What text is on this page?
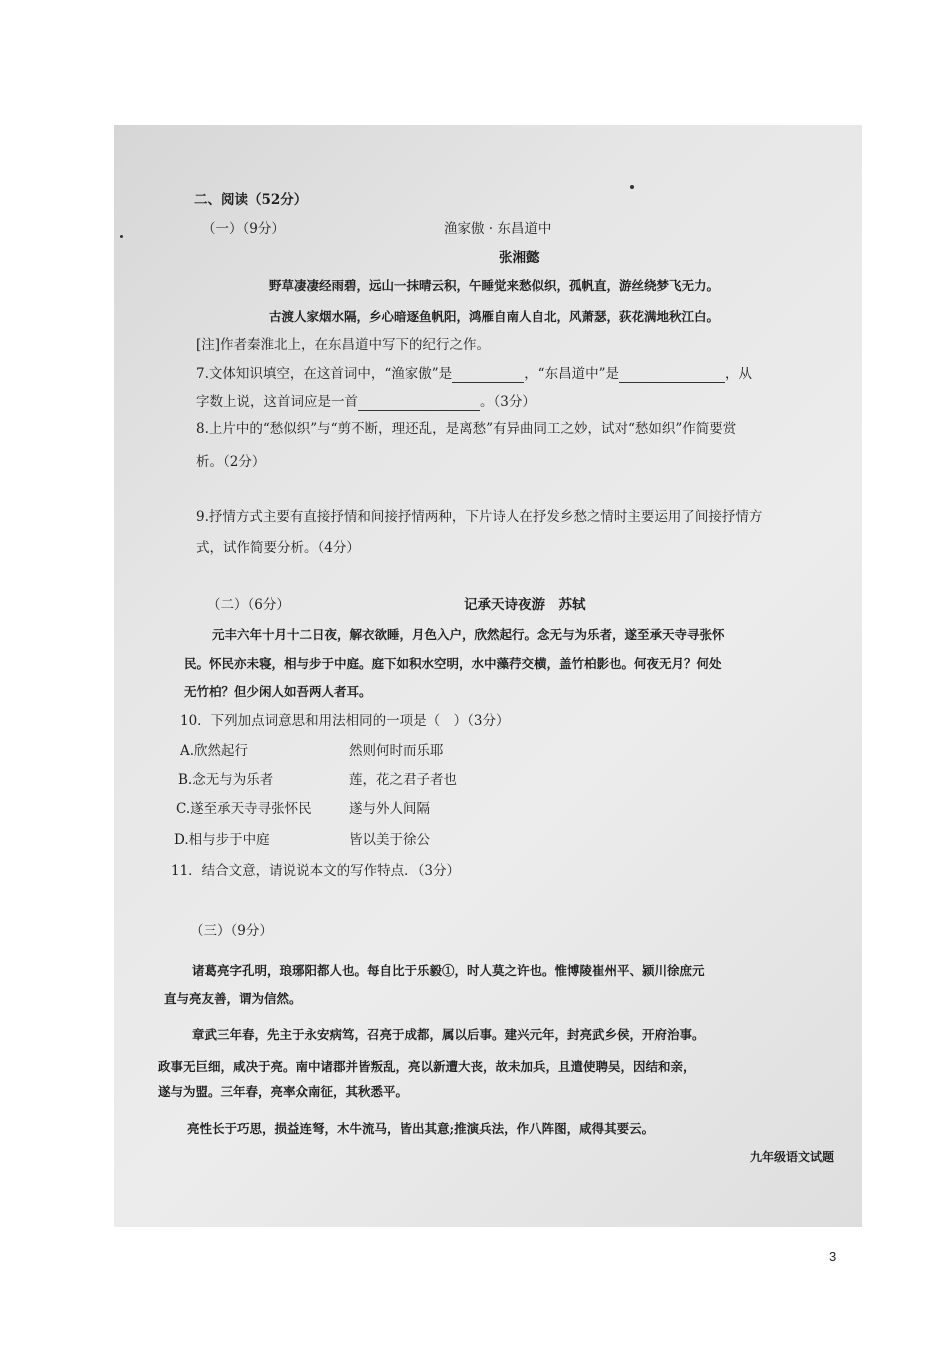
二、阅读（52分）
（一）（9分）	渔家傲 · 东昌道中
张湘懿
野草凄凄经雨碧，远山一抹晴云积，午睡觉来愁似织，孤帆直，游丝绕梦飞无力。
古渡人家烟水隔，乡心暗逐鱼帆阳，鸿雁自南人自北，风萧瑟，荻花满地秋江白。
[注]作者秦淮北上，在东昌道中写下的纪行之作。
7.文体知识填空，在这首词中，“渔家傲”是	，“东昌道中”是	，从
字数上说，这首词应是一首	。（3分）
8.上片中的“愁似织”与“剪不断，理还乱，是离愁”有异曲同工之妙，试对“愁如织”作简要赏
析。（2分）
9.抒情方式主要有直接抒情和间接抒情两种，下片诗人在抒发乡愁之情时主要运用了间接抒情方
式，试作简要分析。（4分）
（二）（6分）	记承天诗夜游　苏轼
元丰六年十月十二日夜，解衣欲睡，月色入户，欣然起行。念无与为乐者，遂至承天寺寻张怀
民。怀民亦未寝，相与步于中庭。庭下如积水空明，水中藻荇交横，盖竹柏影也。何夜无月？何处
无竹柏？但少闲人如吾两人者耳。
10．下列加点词意思和用法相同的一项是（　）（3分）
A.欣然起行	然则何时而乐耶
B.念无与为乐者	莲，花之君子者也
C.遂至承天寺寻张怀民	遂与外人间隔
D.相与步于中庭	皆以美于徐公
11．结合文意，请说说本文的写作特点．（3分）
（三）（9分）
诸葛亮字孔明，琅琊阳都人也。每自比于乐毅①，时人莫之许也。惟博陵崔州平、颍川徐庶元
直与亮友善，谓为信然。
章武三年春，先主于永安病笃，召亮于成都，属以后事。建兴元年，封亮武乡侯，开府治事。
政事无巨细，咸决于亮。南中诸郡并皆叛乱，亮以新遭大丧，故未加兵，且遣使聘吴，因结和亲，
遂与为盟。三年春，亮率众南征，其秋悉平。
亮性长于巧思，损益连弩，木牛流马，皆出其意;推演兵法，作八阵图，咸得其要云。
九年级语文试题
3
